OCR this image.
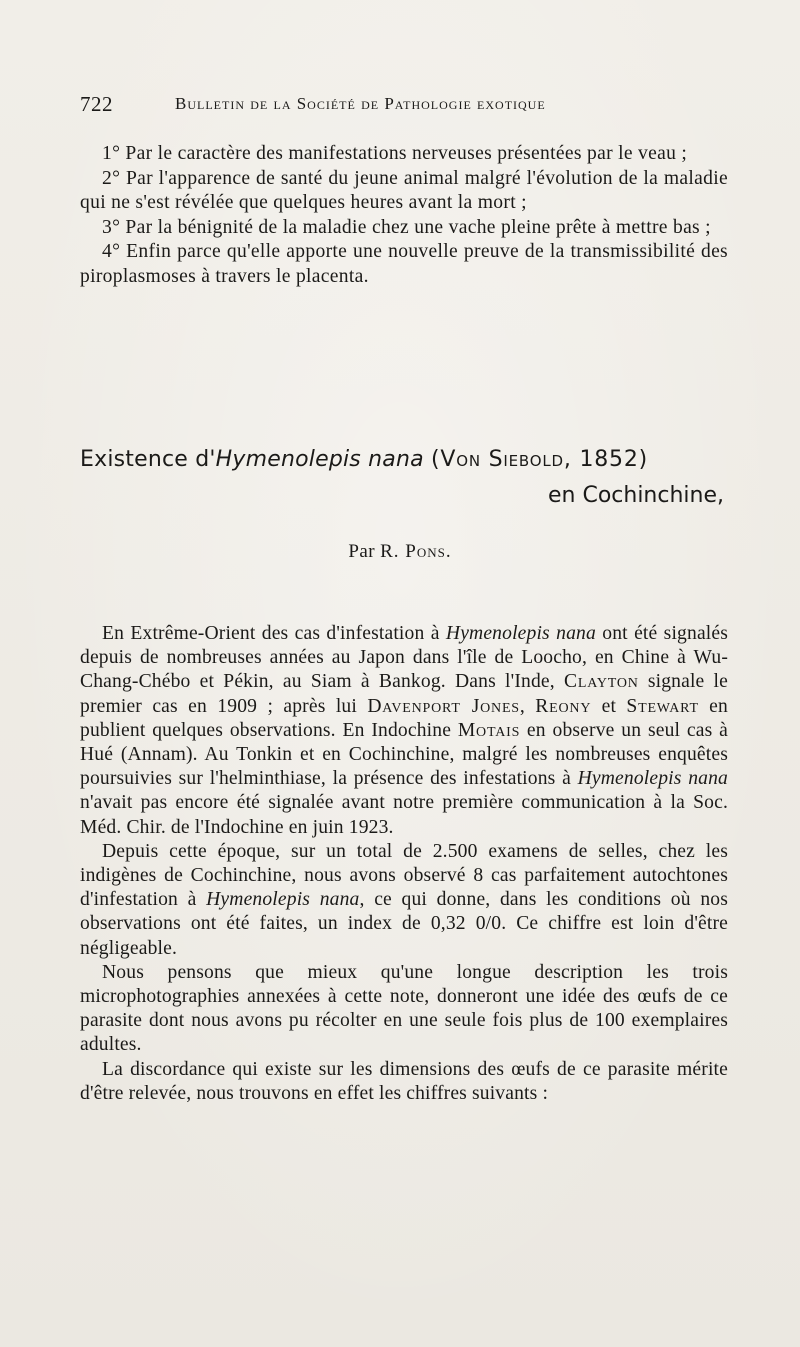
722	Bulletin de la Société de Pathologie exotique

1° Par le caractère des manifestations nerveuses présentées par le veau ;

2° Par l'apparence de santé du jeune animal malgré l'évolution de la maladie qui ne s'est révélée que quelques heures avant la mort ;

3° Par la bénignité de la maladie chez une vache pleine prête à mettre bas ;

4° Enfin parce qu'elle apporte une nouvelle preuve de la transmissibilité des piroplasmoses à travers le placenta.

Existence d'Hymenolepis nana (Von Siebold, 1852)
en Cochinchine,
Par R. Pons.

En Extrême-Orient des cas d'infestation à Hymenolepis nana ont été signalés depuis de nombreuses années au Japon dans l'île de Loocho, en Chine à Wu-Chang-Chébo et Pékin, au Siam à Bankog. Dans l'Inde, Clayton signale le premier cas en 1909 ; après lui Davenport Jones, Reony et Stewart en publient quelques observations. En Indochine Motais en observe un seul cas à Hué (Annam). Au Tonkin et en Cochinchine, malgré les nombreuses enquêtes poursuivies sur l'helminthiase, la présence des infestations à Hymenolepis nana n'avait pas encore été signalée avant notre première communication à la Soc. Méd. Chir. de l'Indochine en juin 1923.

Depuis cette époque, sur un total de 2.500 examens de selles, chez les indigènes de Cochinchine, nous avons observé 8 cas parfaitement autochtones d'infestation à Hymenolepis nana, ce qui donne, dans les conditions où nos observations ont été faites, un index de 0,32 0/0. Ce chiffre est loin d'être négligeable.

Nous pensons que mieux qu'une longue description les trois microphotographies annexées à cette note, donneront une idée des œufs de ce parasite dont nous avons pu récolter en une seule fois plus de 100 exemplaires adultes.

La discordance qui existe sur les dimensions des œufs de ce parasite mérite d'être relevée, nous trouvons en effet les chiffres suivants :
